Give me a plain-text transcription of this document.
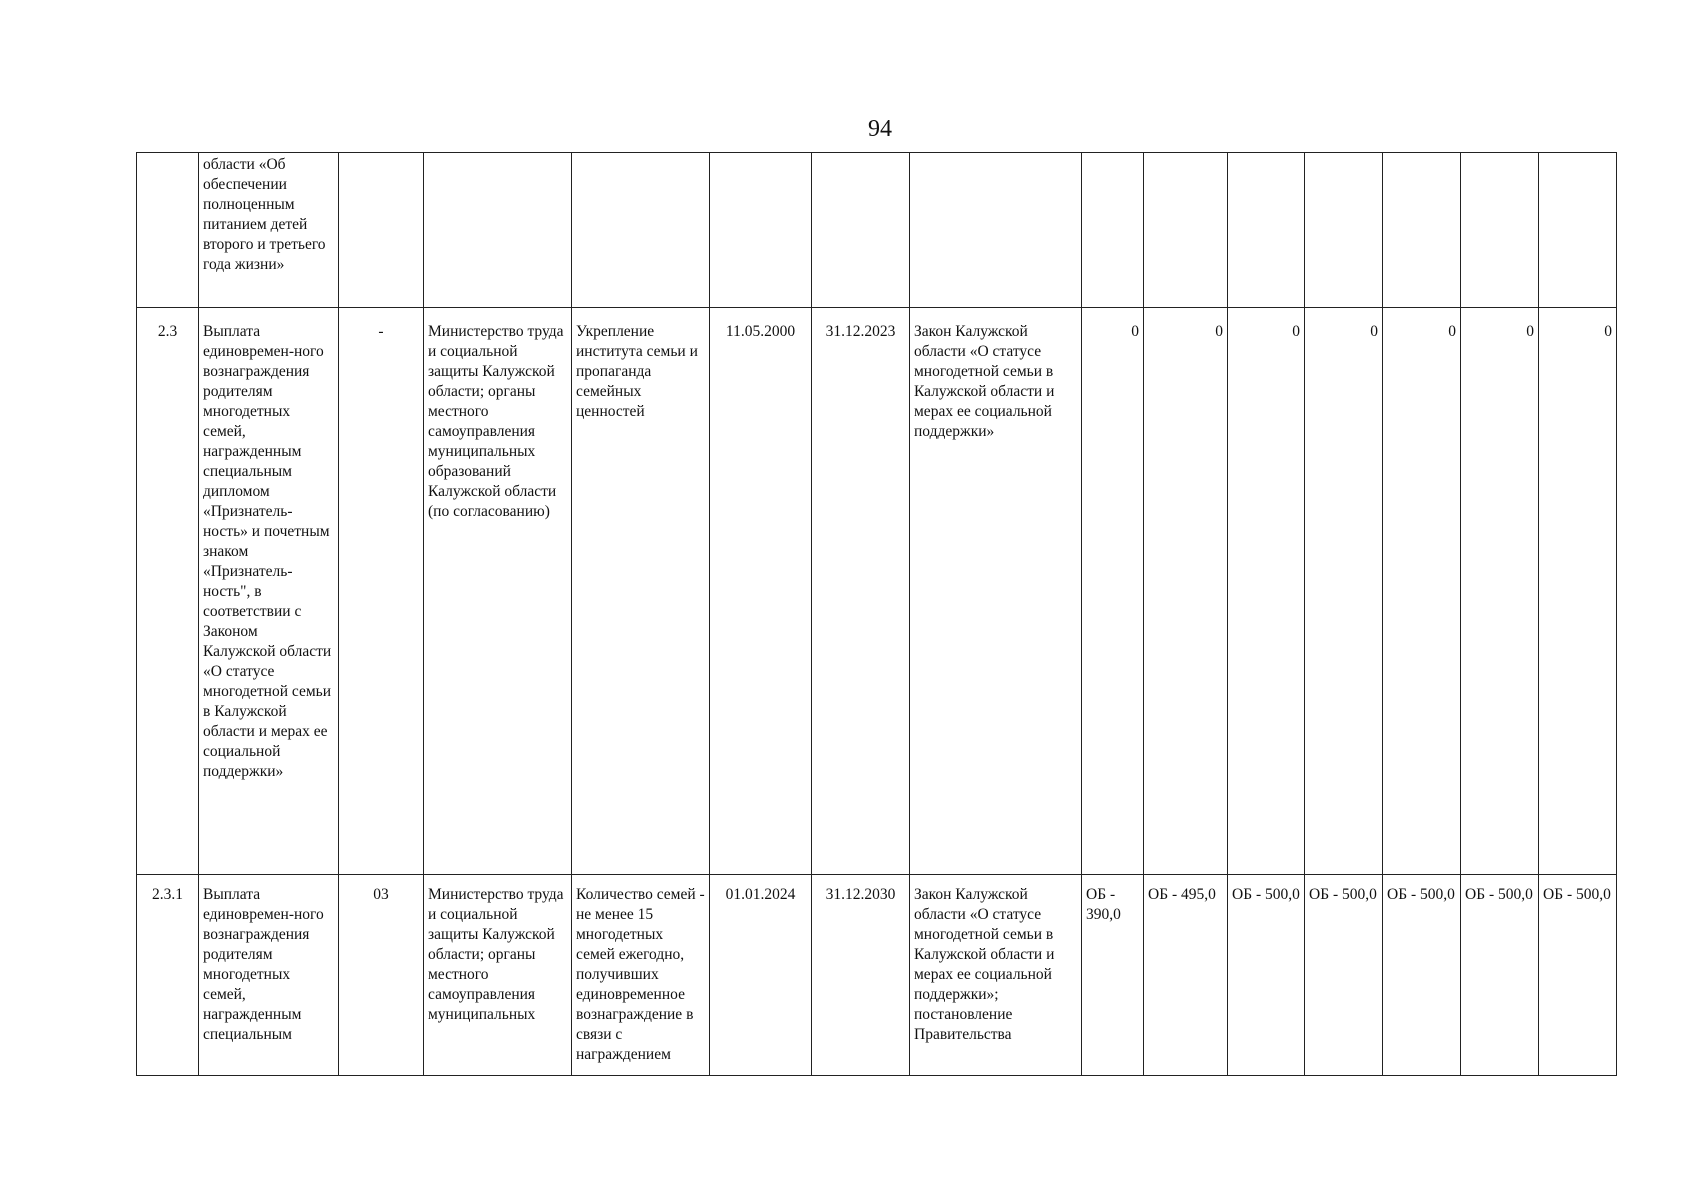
94
	области «Об обеспечении полноценным питанием детей второго и третьего года жизни»													
2.3	Выплата единовремен-ного вознаграждения родителям многодетных семей, награжденным специальным дипломом «Признатель-ность» и почетным знаком «Признатель-ность", в соответствии с Законом Калужской области «О статусе многодетной семьи в Калужской области и мерах ее социальной поддержки»	-	Министерство труда и социальной защиты Калужской области; органы местного самоуправления муниципальных образований Калужской области (по согласованию)	Укрепление института семьи и пропаганда семейных ценностей	11.05.2000	31.12.2023	Закон Калужской области «О статусе многодетной семьи в Калужской области и мерах ее социальной поддержки»	0	0	0	0	0	0	0
2.3.1	Выплата единовремен-ного вознаграждения родителям многодетных семей, награжденным специальным	03	Министерство труда и социальной защиты Калужской области; органы местного самоуправления муниципальных	Количество семей - не менее 15 многодетных семей ежегодно, получивших единовременное вознаграждение в связи с награждением	01.01.2024	31.12.2030	Закон Калужской области «О статусе многодетной семьи в Калужской области и мерах ее социальной поддержки»; постановление Правительства	ОБ - 390,0	ОБ - 495,0	ОБ - 500,0	ОБ - 500,0	ОБ - 500,0	ОБ - 500,0	ОБ - 500,0
